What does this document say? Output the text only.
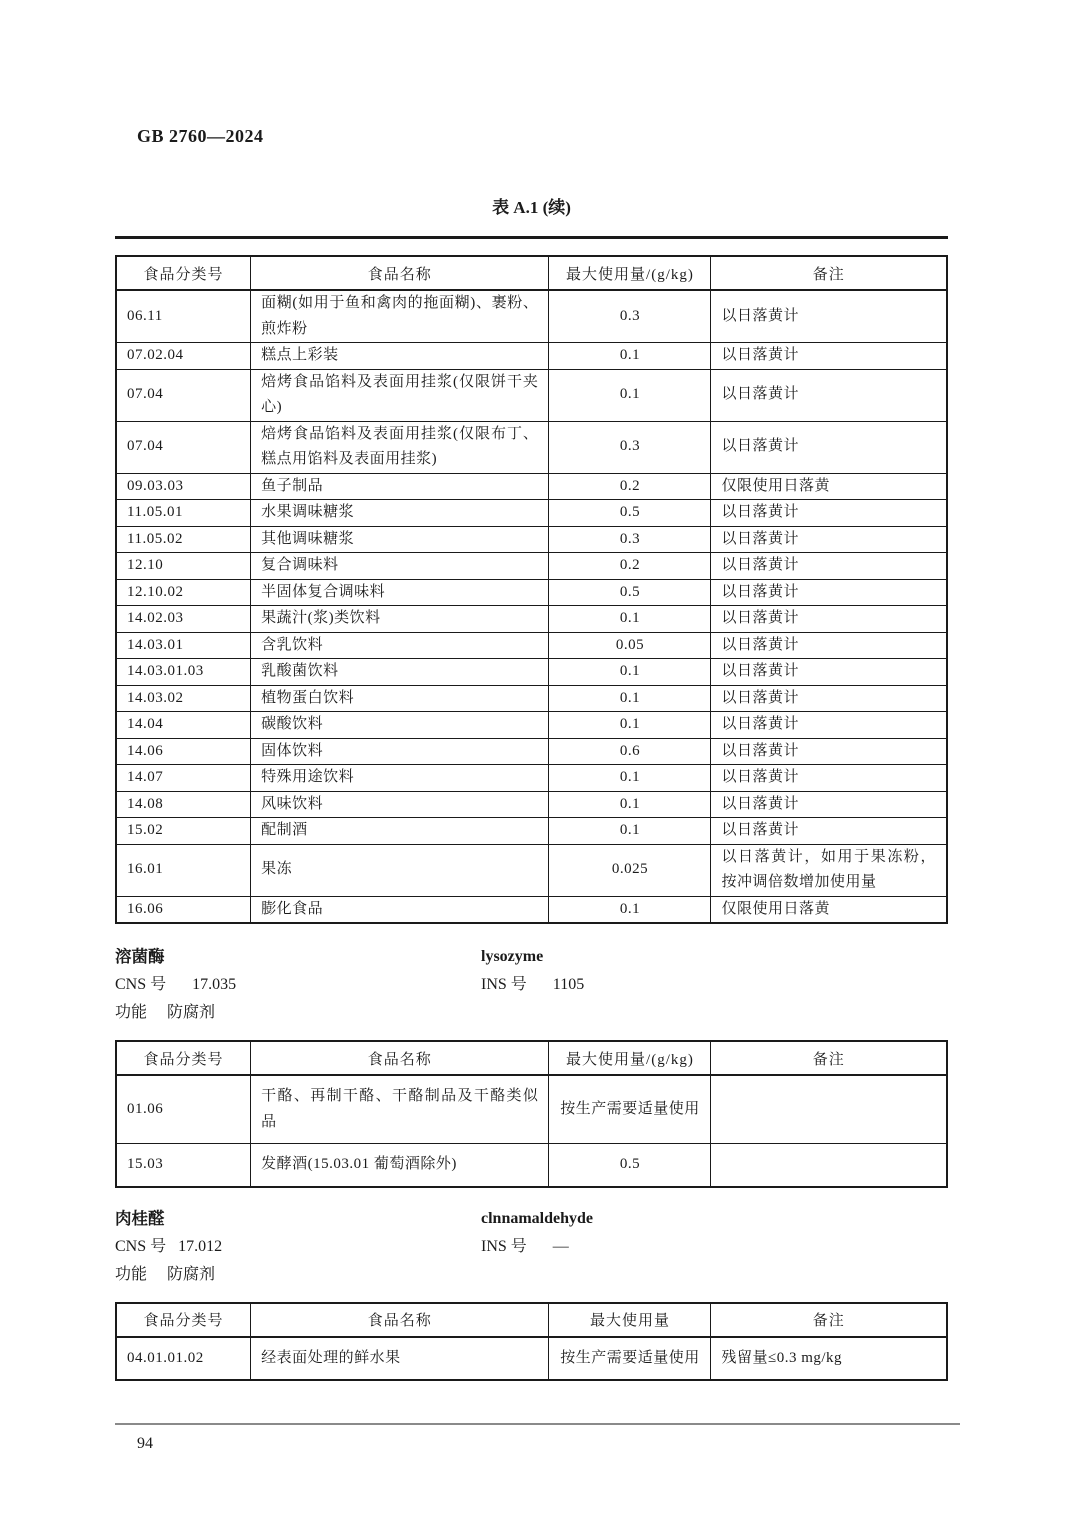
GB 2760—2024
表 A.1 (续)
食品分类号	食品名称	最大使用量/(g/kg)	备注
06.11	面糊(如用于鱼和禽肉的拖面糊)、裹粉、煎炸粉	0.3	以日落黄计
07.02.04	糕点上彩装	0.1	以日落黄计
07.04	焙烤食品馅料及表面用挂浆(仅限饼干夹心)	0.1	以日落黄计
07.04	焙烤食品馅料及表面用挂浆(仅限布丁、糕点用馅料及表面用挂浆)	0.3	以日落黄计
09.03.03	鱼子制品	0.2	仅限使用日落黄
11.05.01	水果调味糖浆	0.5	以日落黄计
11.05.02	其他调味糖浆	0.3	以日落黄计
12.10	复合调味料	0.2	以日落黄计
12.10.02	半固体复合调味料	0.5	以日落黄计
14.02.03	果蔬汁(浆)类饮料	0.1	以日落黄计
14.03.01	含乳饮料	0.05	以日落黄计
14.03.01.03	乳酸菌饮料	0.1	以日落黄计
14.03.02	植物蛋白饮料	0.1	以日落黄计
14.04	碳酸饮料	0.1	以日落黄计
14.06	固体饮料	0.6	以日落黄计
14.07	特殊用途饮料	0.1	以日落黄计
14.08	风味饮料	0.1	以日落黄计
15.02	配制酒	0.1	以日落黄计
16.01	果冻	0.025	以日落黄计，如用于果冻粉，按冲调倍数增加使用量
16.06	膨化食品	0.1	仅限使用日落黄
溶菌酶	lysozyme
CNS 号 17.035	INS 号 1105
功能 防腐剂
食品分类号	食品名称	最大使用量/(g/kg)	备注
01.06	干酪、再制干酪、干酪制品及干酪类似品	按生产需要适量使用	
15.03	发酵酒(15.03.01 葡萄酒除外)	0.5	
肉桂醛	clnnamaldehyde
CNS 号 17.012	INS 号 —
功能 防腐剂
食品分类号	食品名称	最大使用量	备注
04.01.01.02	经表面处理的鲜水果	按生产需要适量使用	残留量≤0.3 mg/kg
94
